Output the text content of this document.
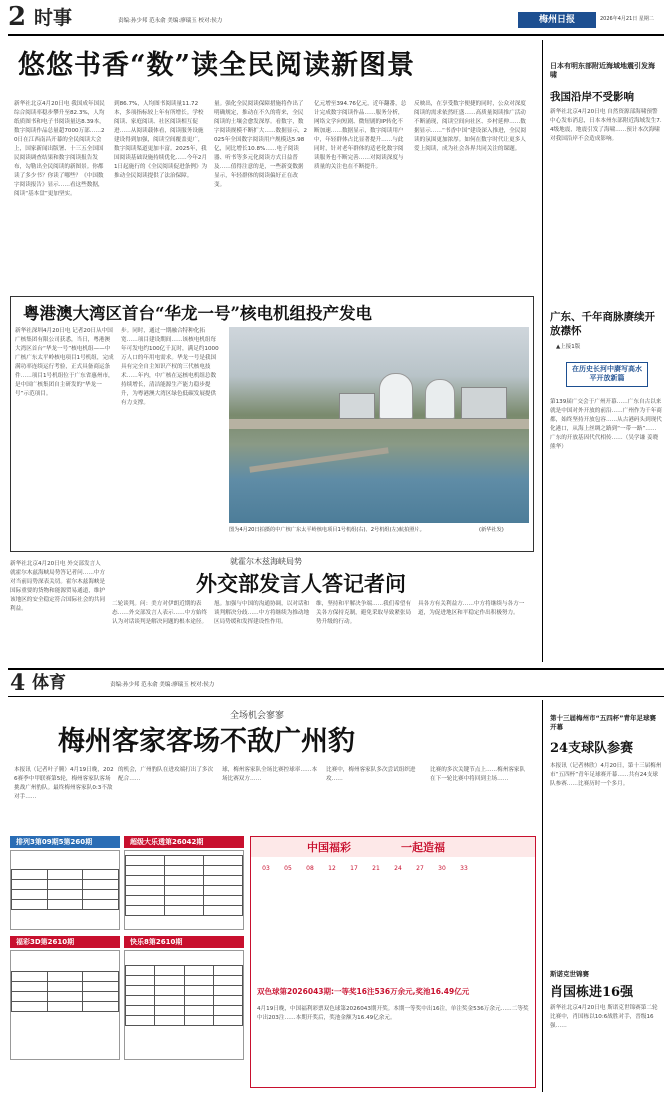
2 时事	责编:孙少邦 范永俞 美编:廖瑞玉 校对:侯力	梅州日报	2026年4月21日 星期二
悠悠书香“数”读全民阅读新图景
新华社北京4月20日电 我国成年国民综合阅读率稳步攀升至82.3%，人均纸质图书和电子书阅读量达8.39本，数字阅读作品总量超7000万部……20日在江西南昌开幕的全民阅读大会上，国家新闻出版署、十三五全国国民阅读调查结果和数字阅读报告发布，勾勒出全民阅读的新图景。你都读了多少书？你读了哪些？《中国数字阅读报告》显示……看这些数据，阅读“基本盘”更加坚实。
到86.7%，人均图书阅读量11.72本，多项指标较上年有所增长。学校阅读、家庭阅读、社区阅读相互促进……从阅读载体看，阅读服务设施建设得到加强，阅读空间覆盖更广，数字阅读渠道更加丰富。2025年，我国阅读基础设施持续优化……今年2月1日起施行的《全民阅读促进条例》为推动全民阅读提供了法治保障。
量。强化全民阅读保障措施将作出了明确规定，推动在不久的将来，全民阅读的土壤会愈发深厚。看数字，数字阅读规模不断扩大……数据显示，2025年全国数字阅读用户规模达5.98亿，同比增长10.8%……电子阅读器、听书等多元化阅读方式日益普及……值得注意的是，一些新变数据显示，年轻群体的阅读偏好正在改变。
亿元增至394.76亿元，近年翻番，总计完成数字阅读作品……服务分析，网络文学向短剧、微短剧的IP转化不断加速……数据显示，数字阅读用户中，年轻群体占比显著提升……与此同时，针对老年群体的适老化数字阅读服务也不断完善……对阅读深度与质量的关注也在不断提升。
反映出，在享受数字便捷的同时，公众对深度阅读的需求依然旺盛……高质量阅读推广活动不断涌现，阅读空间向社区、乡村延伸……数据显示……“书香中国”建设深入推进，全民阅读的氛围更加浓厚。如何在数字时代让更多人爱上阅读，成为社会各界共同关注的课题。
粤港澳大湾区首台“华龙一号”核电机组投产发电
新华社深圳4月20日电 记者20日从中国广核集团有限公司获悉，当日，粤港澳大湾区首台“华龙一号”核电机组——中广核广东太平岭核电项目1号机组，完成满功率连续运行考验，正式具备商运条件……项目1号机组位于广东省惠州市，是中国广核集团自主研发的“华龙一号”示范项目。
步。同时，通过一期融合特种化拓宽……项目建设期间……该核电机组每年可发电约100亿千瓦时，满足约1000万人口的年用电需求。华龙一号是我国具有完全自主知识产权的三代核电技术……年内，中广核在运核电机组总数持续增长，清洁能源生产能力稳步提升，为粤港澳大湾区绿色低碳发展提供有力支撑。
图为4月20日拍摄的中广核广东太平岭核电项目1号机组(右)、2号机组(左)航拍照片。	(新华社发)
就霍尔木兹海峡局势
外交部发言人答记者问
新华社北京4月20日电 外交部发言人就霍尔木兹海峡局势答记者问……中方对当前局势深表关切。霍尔木兹海峡是国际重要的货物和能源贸易通道，维护该地区的安全稳定符合国际社会的共同利益。
二轮谈判。问：美方对伊朗近期的表态……外交部发言人表示……中方始终认为对话谈判是解决问题的根本途径。
旭。加强与中国的沟通协调，以对话和谈判解决分歧……中方将继续为推动地区局势缓和发挥建设性作用。
维，坚持和平解决争端……我们希望有关各方保持克制，避免采取导致紧张局势升级的行动。
具各方有关利益方……中方将继续与各方一道，为促进地区和平稳定作出积极努力。
日本有明东部附近海域地震引发海啸
我国沿岸不受影响
新华社北京4月20日电 自然资源部海啸预警中心发布消息，日本本州东部附近海域发生7.4级地震，地震引发了海啸……预计本次海啸对我国沿岸不会造成影响。
广东、千年商脉赓续开放襟怀
▲上接1版
在历史长河中赓写高水平开放新篇
第139届广交会于广州开幕……广东自古以来就是中国对外开放的前沿……广州作为千年商都，始终坚持开放包容……从古港码头到现代化港口，从海上丝绸之路到“一带一路”……广东的开放基因代代相传……（吴学谦 姜晓 熊华）
4 体育	责编:孙少邦 范永俞 美编:廖瑞玉 校对:侯力
全场机会寥寥
梅州客家客场不敌广州豹
本报讯（记者叶子腾）4月19日晚，2026赛季中甲联赛第5轮，梅州客家队客场挑战广州豹队。最终梅州客家队0:3不敌对手……
的机会，广州豹队在进攻端打出了多次配合……
球，梅州客家队全场比赛控球率……本场比赛双方……
比赛中，梅州客家队多次尝试组织进攻……
比赛的多次关键节点上……梅州客家队在下一轮比赛中将回到主场……
排列3第09期5第260期

			超级大乐透第26042期

福彩3D第2610期

			快乐8第2610期

中国福彩	一起造福
03	05	08	12	17	21	24	27	30	33
双色球第2026043期:一等奖16注536万余元,奖池16.49亿元
4月19日晚，中国福利彩票双色球第2026043期开奖。本期一等奖中出16注，单注奖金536万余元……二等奖中出203注……本期开奖后，奖池金额为16.49亿余元。
第十三届梅州市“五四杯”青年足球赛开幕
24支球队参赛
本报讯（记者林欣）4月20日，第十三届梅州市“五四杯”青年足球赛开幕……共有24支球队参赛……比赛历时一个多月。
斯诺克世锦赛
肖国栋进16强
新华社北京4月20日电 斯诺克世锦赛第二轮比赛中，肖国栋以10:6战胜对手，晋级16强……
